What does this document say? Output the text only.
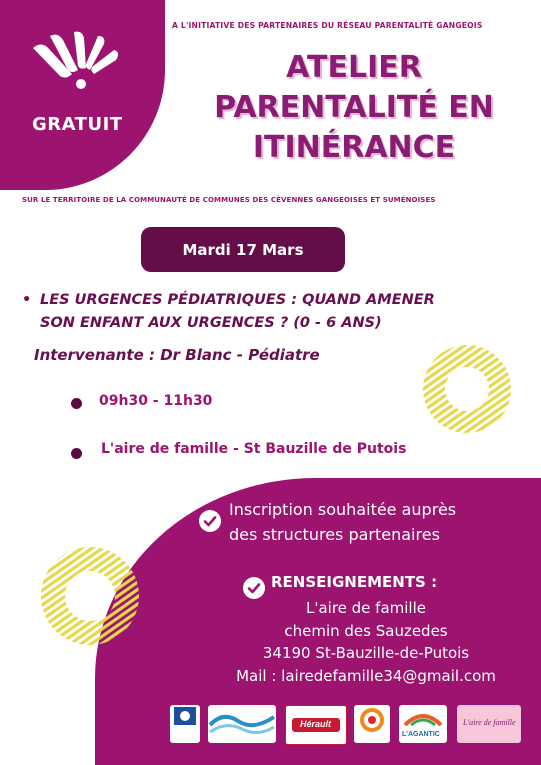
GRATUIT
A L'INITIATIVE DES PARTENAIRES DU RÉSEAU PARENTALITÉ GANGEOIS
ATELIER
PARENTALITÉ EN
ITINÉRANCE
SUR LE TERRITOIRE DE LA COMMUNAUTÉ DE COMMUNES DES CÉVENNES GANGEOISES ET SUMÉNOISES
Mardi 17 Mars
• LES URGENCES PÉDIATRIQUES : QUAND AMENER
SON ENFANT AUX URGENCES ? (0 - 6 ANS)
Intervenante : Dr Blanc - Pédiatre
09h30 - 11h30
L'aire de famille - St Bauzille de Putois
Inscription souhaitée auprès
des structures partenaires
RENSEIGNEMENTS :
L'aire de famille
chemin des Sauzedes
34190 St-Bauzille-de-Putois
Mail : lairedefamille34@gmail.com
Hérault
L'AGANTIC
L'aire de famille
